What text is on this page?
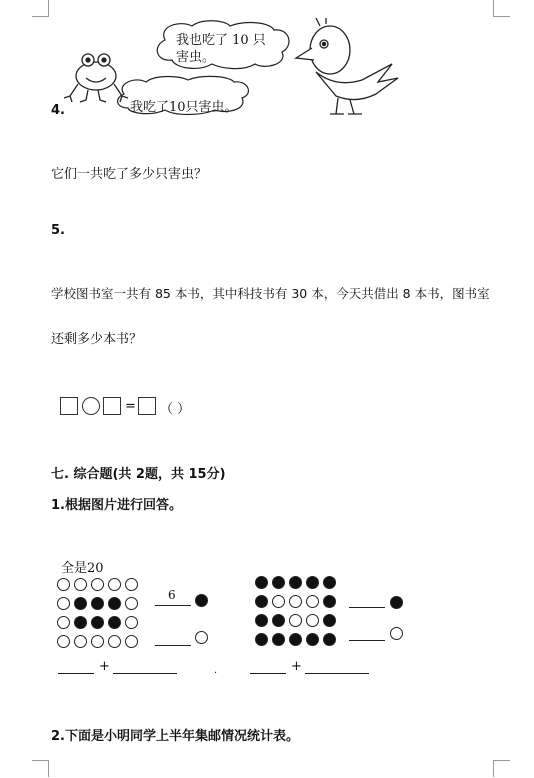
我也吃了 10 只
害虫。
我吃了10只害虫。
4.
它们一共吃了多少只害虫？
5.
学校图书室一共有 85 本书，其中科技书有 30 本，今天共借出 8 本书，图书室
还剩多少本书？
= （ ）
七. 综合题(共 2题，共 15分)
1.根据图片进行回答。
全是20
6
+	.	+
2.下面是小明同学上半年集邮情况统计表。
